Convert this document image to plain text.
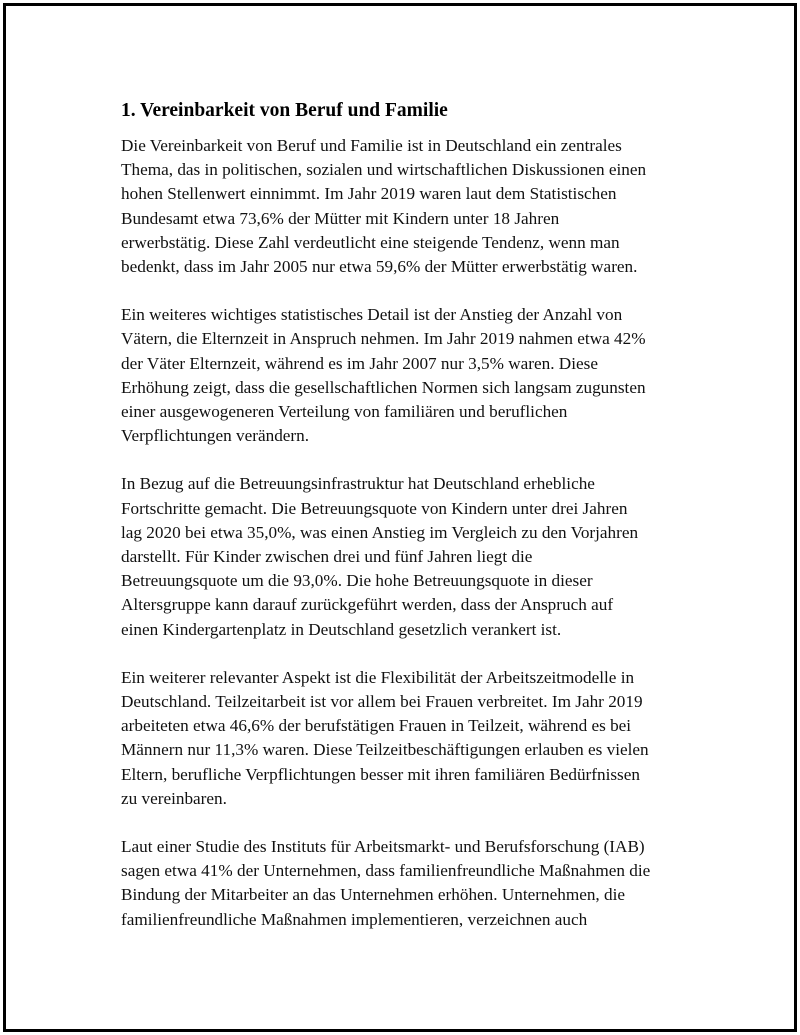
1. Vereinbarkeit von Beruf und Familie

Die Vereinbarkeit von Beruf und Familie ist in Deutschland ein zentrales
Thema, das in politischen, sozialen und wirtschaftlichen Diskussionen einen
hohen Stellenwert einnimmt. Im Jahr 2019 waren laut dem Statistischen
Bundesamt etwa 73,6% der Mütter mit Kindern unter 18 Jahren
erwerbstätig. Diese Zahl verdeutlicht eine steigende Tendenz, wenn man
bedenkt, dass im Jahr 2005 nur etwa 59,6% der Mütter erwerbstätig waren.

Ein weiteres wichtiges statistisches Detail ist der Anstieg der Anzahl von
Vätern, die Elternzeit in Anspruch nehmen. Im Jahr 2019 nahmen etwa 42%
der Väter Elternzeit, während es im Jahr 2007 nur 3,5% waren. Diese
Erhöhung zeigt, dass die gesellschaftlichen Normen sich langsam zugunsten
einer ausgewogeneren Verteilung von familiären und beruflichen
Verpflichtungen verändern.

In Bezug auf die Betreuungsinfrastruktur hat Deutschland erhebliche
Fortschritte gemacht. Die Betreuungsquote von Kindern unter drei Jahren
lag 2020 bei etwa 35,0%, was einen Anstieg im Vergleich zu den Vorjahren
darstellt. Für Kinder zwischen drei und fünf Jahren liegt die
Betreuungsquote um die 93,0%. Die hohe Betreuungsquote in dieser
Altersgruppe kann darauf zurückgeführt werden, dass der Anspruch auf
einen Kindergartenplatz in Deutschland gesetzlich verankert ist.

Ein weiterer relevanter Aspekt ist die Flexibilität der Arbeitszeitmodelle in
Deutschland. Teilzeitarbeit ist vor allem bei Frauen verbreitet. Im Jahr 2019
arbeiteten etwa 46,6% der berufstätigen Frauen in Teilzeit, während es bei
Männern nur 11,3% waren. Diese Teilzeitbeschäftigungen erlauben es vielen
Eltern, berufliche Verpflichtungen besser mit ihren familiären Bedürfnissen
zu vereinbaren.

Laut einer Studie des Instituts für Arbeitsmarkt- und Berufsforschung (IAB)
sagen etwa 41% der Unternehmen, dass familienfreundliche Maßnahmen die
Bindung der Mitarbeiter an das Unternehmen erhöhen. Unternehmen, die
familienfreundliche Maßnahmen implementieren, verzeichnen auch
